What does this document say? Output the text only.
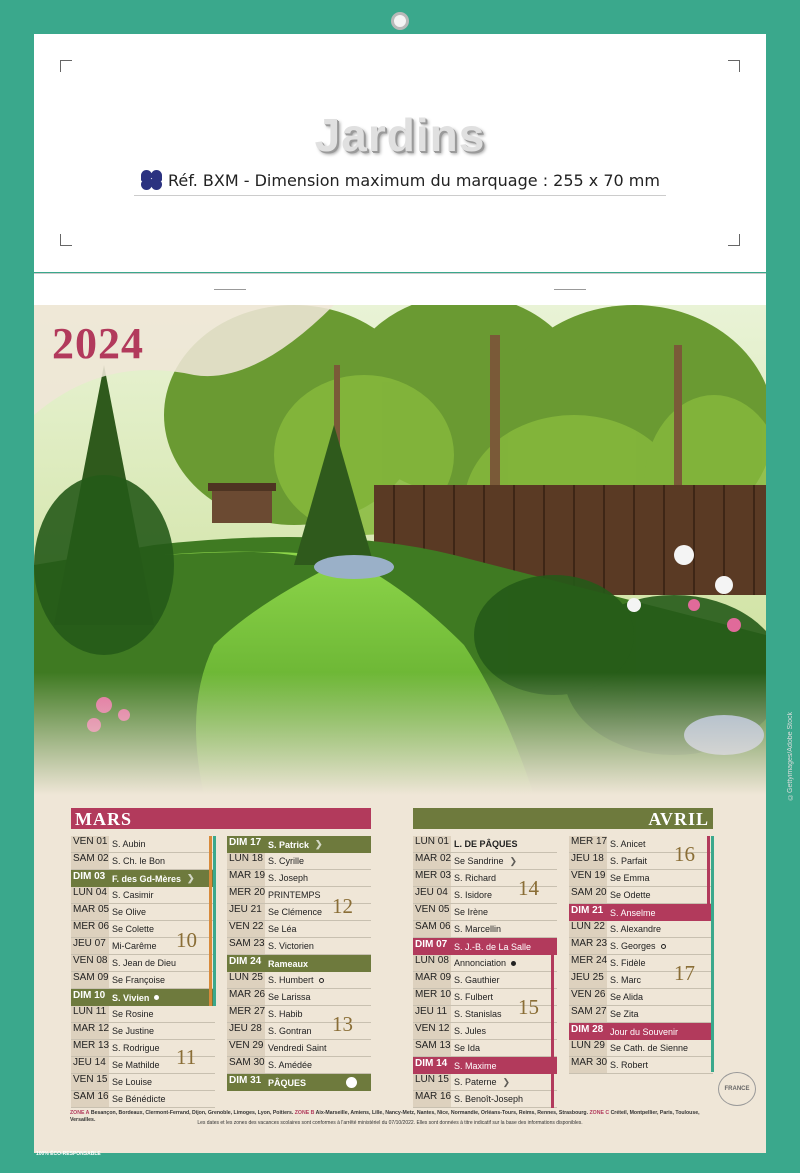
Jardins
Réf. BXM - Dimension maximum du marquage : 255 x 70 mm
©Gettyimages/Adobe Stock
2024
MARS	AVRIL
VEN 01 S. Aubin
SAM 02 S. Ch. le Bon
DIM 03 F. des Gd-Mères ❯
LUN 04 S. Casimir
MAR 05 Se Olive
MER 06 Se Colette
JEU 07 Mi-Carême
VEN 08 S. Jean de Dieu
SAM 09 Se Françoise
DIM 10 S. Vivien
LUN 11 Se Rosine
MAR 12 Se Justine
MER 13 S. Rodrigue
JEU 14 Se Mathilde
VEN 15 Se Louise
SAM 16 Se Bénédicte
DIM 17 S. Patrick ❯
LUN 18 S. Cyrille
MAR 19 S. Joseph
MER 20 PRINTEMPS
JEU 21 Se Clémence
VEN 22 Se Léa
SAM 23 S. Victorien
DIM 24 Rameaux
LUN 25 S. Humbert
MAR 26 Se Larissa
MER 27 S. Habib
JEU 28 S. Gontran
VEN 29 Vendredi Saint
SAM 30 S. Amédée
DIM 31 PÂQUES
LUN 01 L. DE PÂQUES
MAR 02 Se Sandrine ❯
MER 03 S. Richard
JEU 04 S. Isidore
VEN 05 Se Irène
SAM 06 S. Marcellin
DIM 07 S. J.-B. de La Salle
LUN 08 Annonciation
MAR 09 S. Gauthier
MER 10 S. Fulbert
JEU 11 S. Stanislas
VEN 12 S. Jules
SAM 13 Se Ida
DIM 14 S. Maxime
LUN 15 S. Paterne ❯
MAR 16 S. Benoît-Joseph
MER 17 S. Anicet
JEU 18 S. Parfait
VEN 19 Se Emma
SAM 20 Se Odette
DIM 21 S. Anselme
LUN 22 S. Alexandre
MAR 23 S. Georges
MER 24 S. Fidèle
JEU 25 S. Marc
VEN 26 Se Alida
SAM 27 Se Zita
DIM 28 Jour du Souvenir
LUN 29 Se Cath. de Sienne
MAR 30 S. Robert
10
11
12
13
14
15
16
17
FRANCE
ZONE A Besançon, Bordeaux, Clermont-Ferrand, Dijon, Grenoble, Limoges, Lyon, Poitiers. ZONE B Aix-Marseille, Amiens, Lille, Nancy-Metz, Nantes, Nice, Normandie, Orléans-Tours, Reims, Rennes, Strasbourg. ZONE C Créteil, Montpellier, Paris, Toulouse, Versailles.	Les dates et les zones des vacances scolaires sont conformes à l'arrêté ministériel du 07/10/2022. Elles sont données à titre indicatif sur la base des informations disponibles.
100% ÉCO-RESPONSABLE
